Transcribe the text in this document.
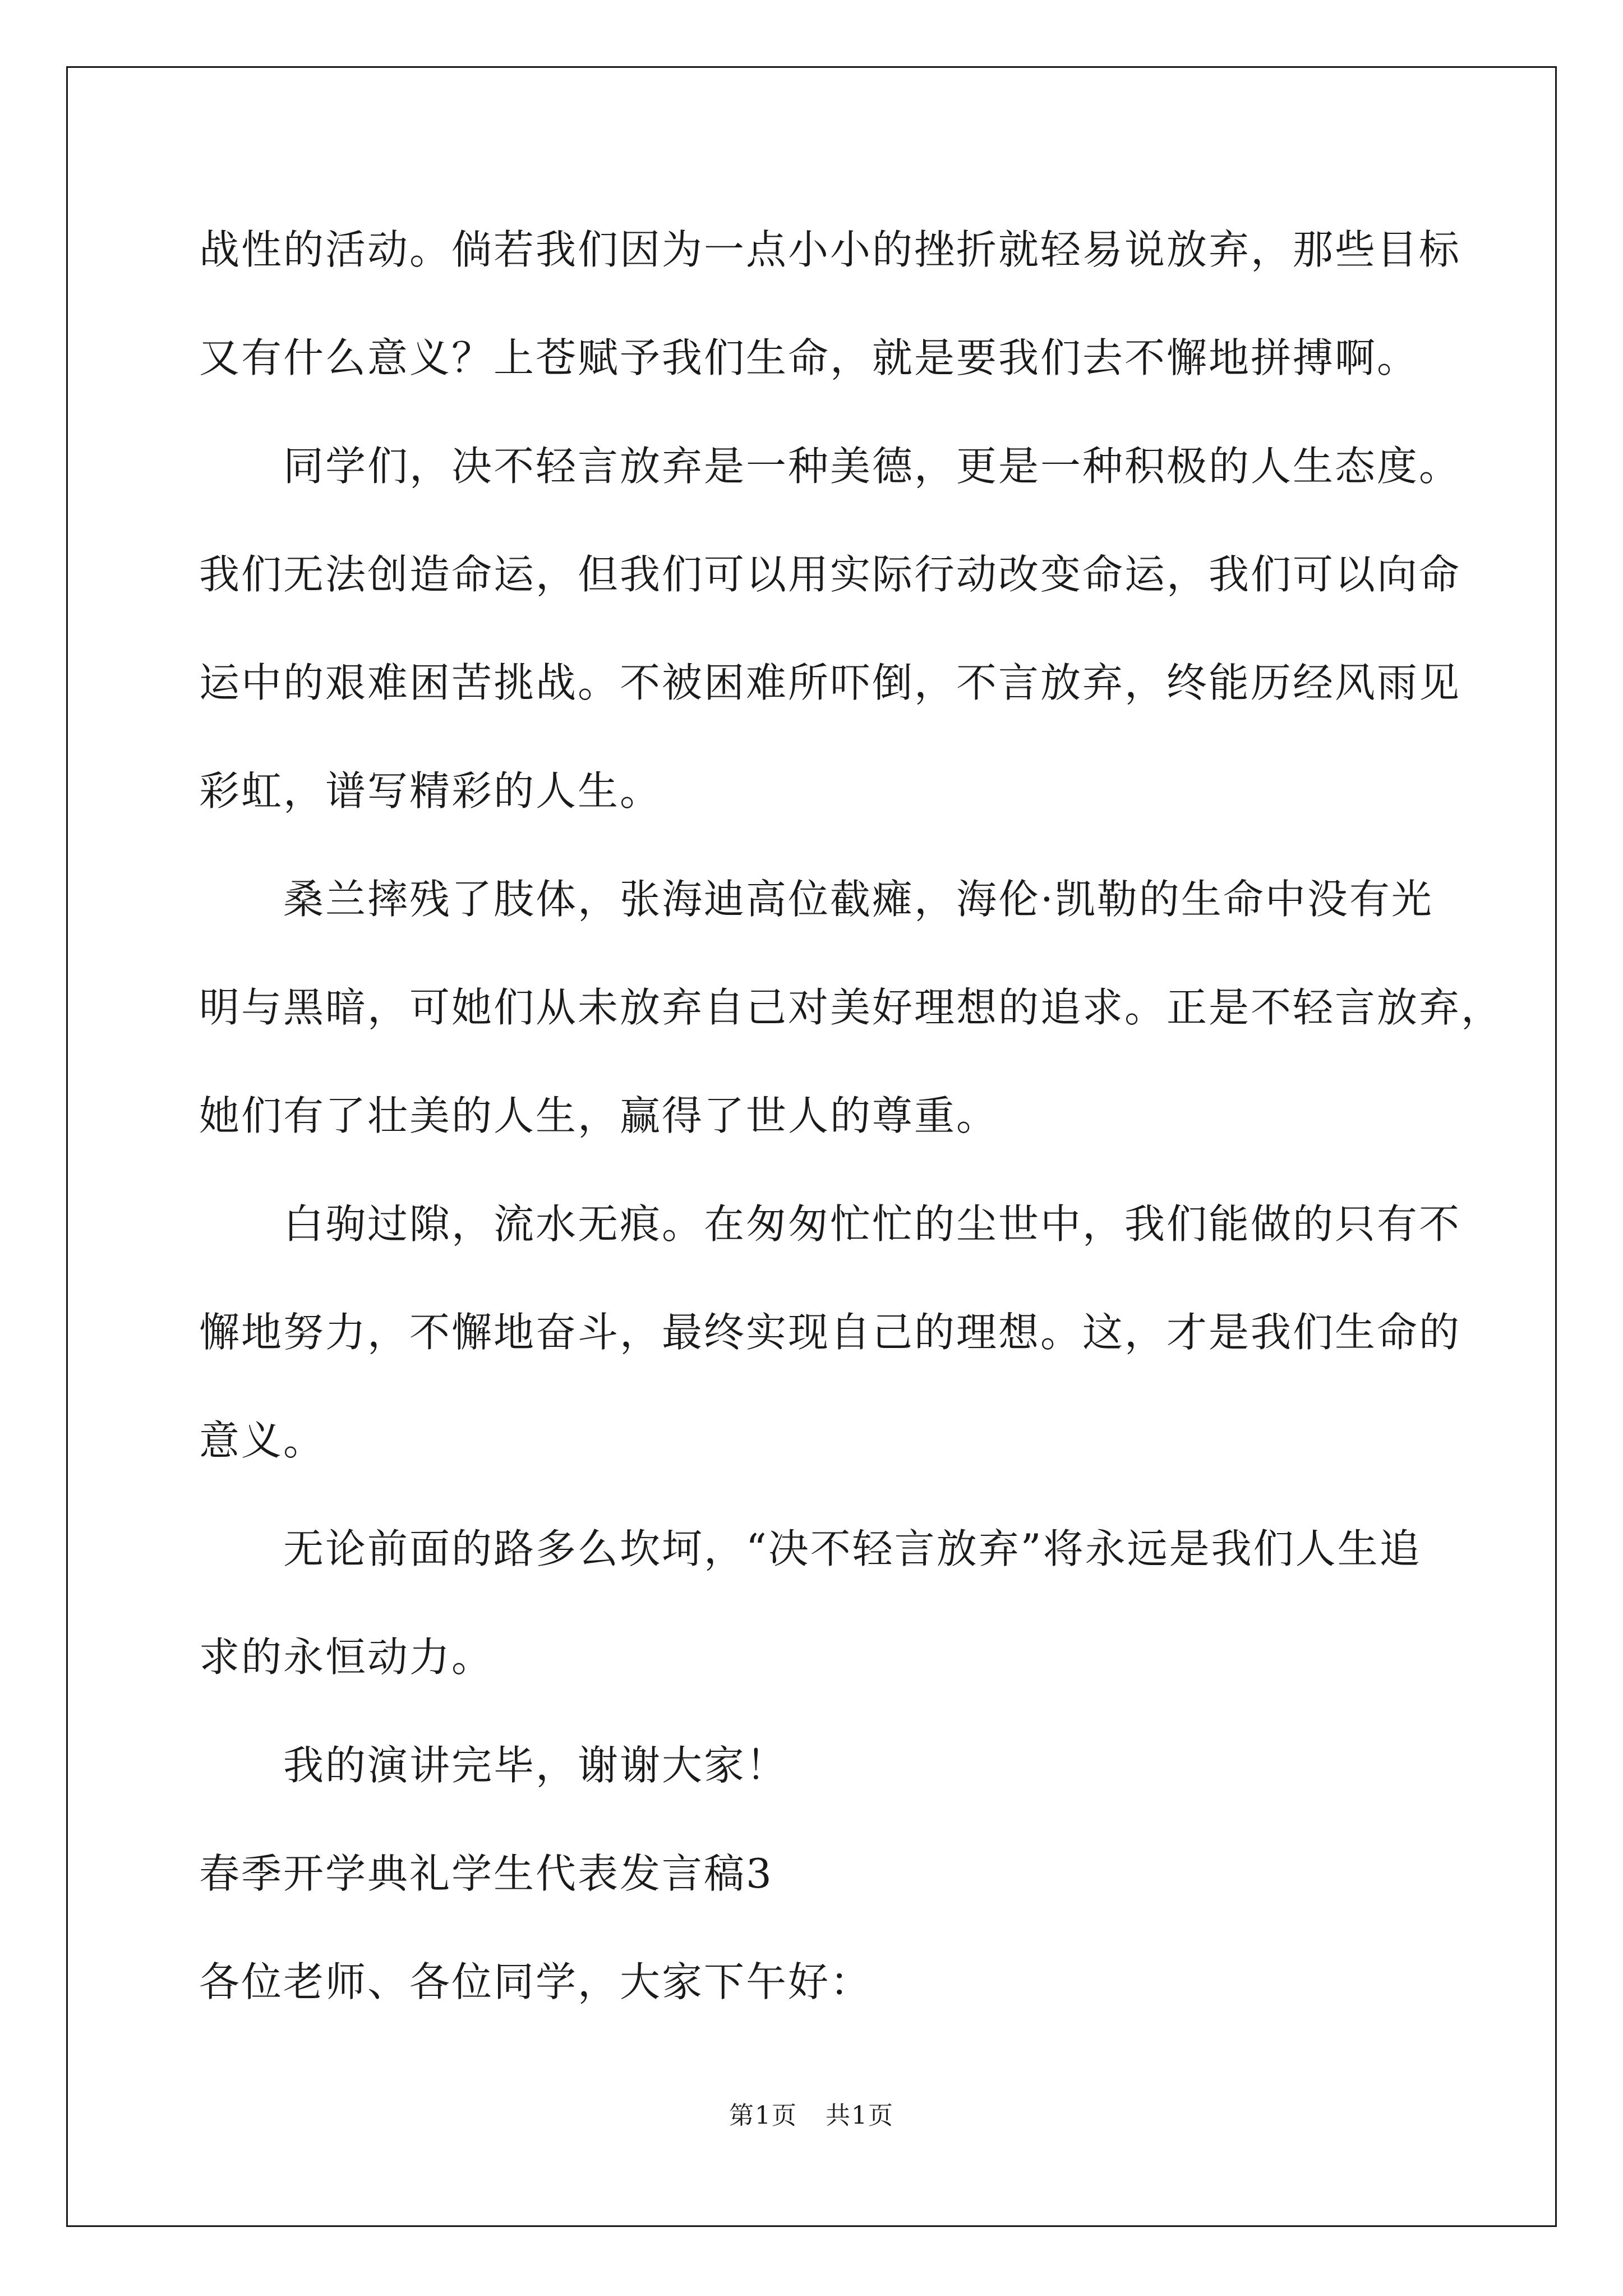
战性的活动。倘若我们因为一点小小的挫折就轻易说放弃，那些目标
又有什么意义？上苍赋予我们生命，就是要我们去不懈地拼搏啊。
同学们，决不轻言放弃是一种美德，更是一种积极的人生态度。
我们无法创造命运，但我们可以用实际行动改变命运，我们可以向命
运中的艰难困苦挑战。不被困难所吓倒，不言放弃，终能历经风雨见
彩虹，谱写精彩的人生。
桑兰摔残了肢体，张海迪高位截瘫，海伦·凯勒的生命中没有光
明与黑暗，可她们从未放弃自己对美好理想的追求。正是不轻言放弃，
她们有了壮美的人生，赢得了世人的尊重。
白驹过隙，流水无痕。在匆匆忙忙的尘世中，我们能做的只有不
懈地努力，不懈地奋斗，最终实现自己的理想。这，才是我们生命的
意义。
无论前面的路多么坎坷，“决不轻言放弃”将永远是我们人生追
求的永恒动力。
我的演讲完毕，谢谢大家！
春季开学典礼学生代表发言稿3
各位老师、各位同学，大家下午好：
第1页 共1页
